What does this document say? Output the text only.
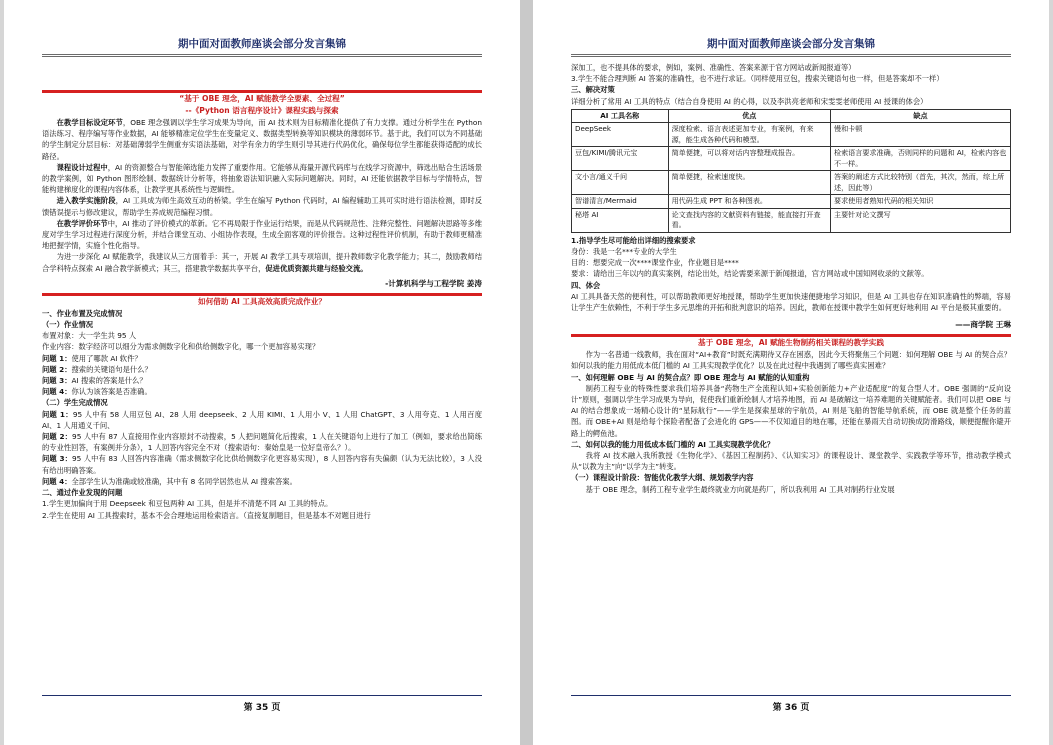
期中面对面教师座谈会部分发言集锦
“基于 OBE 理念，AI 赋能教学全要素、全过程”
--《Python 语言程序设计》课程实践与探索

在教学目标设定环节，OBE 理念强调以学生学习成果为导向，而 AI 技术则为目标精准化提供了有力支撑。通过分析学生在 Python 语法练习、程序编写等作业数据，AI 能够精准定位学生在变量定义、数据类型转换等知识模块的薄弱环节。基于此，我们可以为不同基础的学生制定分层目标：对基础薄弱学生侧重夯实语法基础，对学有余力的学生则引导其进行代码优化，确保每位学生都能获得适配的成长路径。

课程设计过程中，AI 的资源整合与智能筛选能力发挥了重要作用。它能够从海量开源代码库与在线学习资源中，筛选出贴合生活场景的教学案例，如 Python 图形绘制、数据统计分析等，将抽象语法知识融入实际问题解决。同时，AI 还能依据教学目标与学情特点，智能构建梯度化的课程内容体系，让教学更具系统性与逻辑性。

进入教学实施阶段，AI 工具成为师生高效互动的桥梁。学生在编写 Python 代码时，AI 编程辅助工具可实时进行语法检测，即时反馈错误提示与修改建议，帮助学生养成规范编程习惯。

在教学评价环节中，AI 推动了评价模式的革新。它不再局限于作业运行结果，而是从代码规范性、注释完整性、问题解决思路等多维度对学生学习过程进行深度分析，并结合课堂互动、小组协作表现，生成全面客观的评价报告。这种过程性评价机制，有助于教师更精准地把握学情，实施个性化指导。

为进一步深化 AI 赋能教学，我建议从三方面着手：其一，开展 AI 教学工具专项培训，提升教师数字化教学能力；其二，鼓励教师结合学科特点探索 AI 融合教学新模式；其三，搭建教学数据共享平台，促进优质资源共建与经验交流。

-计算机科学与工程学院 姜涛
如何借助 AI 工具高效高质完成作业？
一、作业布置及完成情况
（一）作业情况

布置对象：大一学生共 95 人

作业内容：数字经济可以细分为需求侧数字化和供给侧数字化，哪一个更加容易实现？

问题 1：使用了哪款 AI 软件？

问题 2：搜索的关键语句是什么？

问题 3：AI 搜索的答案是什么？

问题 4：你认为该答案是否准确。

（二）学生完成情况

问题 1：95 人中有 58 人用豆包 AI、28 人用 deepseek、2 人用 KIMI、1 人用小 V、1 人用 ChatGPT、3 人用夸克、1 人用百度 AI、1 人用通义千问、

问题 2：95 人中有 87 人直接用作业内容原封不动搜索，5 人把问题简化后搜索，1 人在关键语句上进行了加工（例如，要求给出简练的专业性回答，有案例并分条），1 人回答内容完全不对（搜索语句：秦始皇是一位好皇帝么？）。

问题 3：95 人中有 83 人回答内容准确（需求侧数字化比供给侧数字化更容易实现），8 人回答内容有失偏颇（认为无法比较），3 人没有给出明确答案。

问题 4：全部学生认为准确或较准确，其中有 8 名同学居然也从 AI 搜索答案。

二、通过作业发现的问题

1.学生更加偏向于用 Deepseek 和豆包两种 AI 工具，但是并不清楚不同 AI 工具的特点。

2.学生在使用 AI 工具搜索时，基本不会合理地运用检索语言。（直接复制题目，但是基本不对题目进行

第 35 页
期中面对面教师座谈会部分发言集锦

深加工，也不提具体的要求，例如，案例、准确性、答案来源于官方网站或新闻报道等）

3.学生不能合理判断 AI 答案的准确性，也不进行求证。（同样使用豆包，搜索关键语句也一样，但是答案却不一样）

三、解决对策

详细分析了常用 AI 工具的特点（结合自身使用 AI 的心得，以及李洪亮老师和宋雯雯老师使用 AI 授课的体会）

AI 工具名称	优点	缺点
DeepSeek	深度检索、语言表述更加专业，有案例，有来源，能生成各种代码和模型。	慢和卡顿
豆包/KIMI/腾讯元宝	简单便捷，可以将对话内容整理成报告。	检索语言要求准确，否则同样的问题和 AI，检索内容也不一样。
文小言/通义千问	简单便捷，检索速度快。	答案的阐述方式比较特别（首先，其次，然而，综上所述，因此等）
智谱清言/Mermaid	用代码生成 PPT 和各种图表。	要求使用者熟知代码的相关知识
秘塔 AI	论文查找内容的文献资料有链接，能直接打开查看。	主要针对论文撰写
1.指导学生尽可能给出详细的搜索要求

身份：我是一名***专业的大学生

目的：想要完成一次****课堂作业，作业题目是****

要求：请给出三年以内的真实案例，结论出处，结论需要来源于新闻报道，官方网站或中国知网收录的文献等。

四、体会

AI 工具具备天然的便利性，可以帮助教师更好地授课，帮助学生更加快速便捷地学习知识，但是 AI 工具也存在知识准确性的弊端，容易让学生产生依赖性，不利于学生多元思维的开拓和批判意识的培养。因此，教师在授课中教学生如何更好地利用 AI 平台是极其重要的。

——商学院 王琳
基于 OBE 理念，AI 赋能生物制药相关课程的教学实践

作为一名普通一线教师，我在面对“AI+教育”时既充满期待又存在困惑，因此今天将聚焦三个问题：如何理解 OBE 与 AI 的契合点？如何以我的能力用低成本低门槛的 AI 工具实现教学优化？以及在此过程中我遇到了哪些真实困难？

一、如何理解 OBE 与 AI 的契合点？即 OBE 理念与 AI 赋能的认知重构

制药工程专业的特殊性要求我们培养具备“药物生产全流程认知+实验创新能力+产业适配度”的复合型人才。OBE 强调的“反向设计”原则，强调以学生学习成果为导向，促使我们重新绘制人才培养地图，而 AI 是破解这一培养难题的关键赋能者。我们可以把 OBE 与 AI 的结合想象成一场精心设计的“星际航行”——学生是探索星球的宇航员，AI 则是飞船的智能导航系统，而 OBE 就是整个任务的蓝图。而 OBE+AI 则是给每个探险者配备了会进化的 GPS——不仅知道目的地在哪，还能在暴雨天自动切换成防滑路线，顺便提醒你避开路上的鳄鱼池。

二、如何以我的能力用低成本低门槛的 AI 工具实现教学优化？

我将 AI 技术融入我所教授《生物化学》、《基因工程制药》、《认知实习》的课程设计、课堂教学、实践教学等环节，推动教学模式从“以教为主”向“以学为主”转变。

（一）课程设计阶段：智能优化教学大纲、规划教学内容

基于 OBE 理念，制药工程专业学生最终就业方向就是药厂，所以我利用 AI 工具对制药行业发展

第 36 页
